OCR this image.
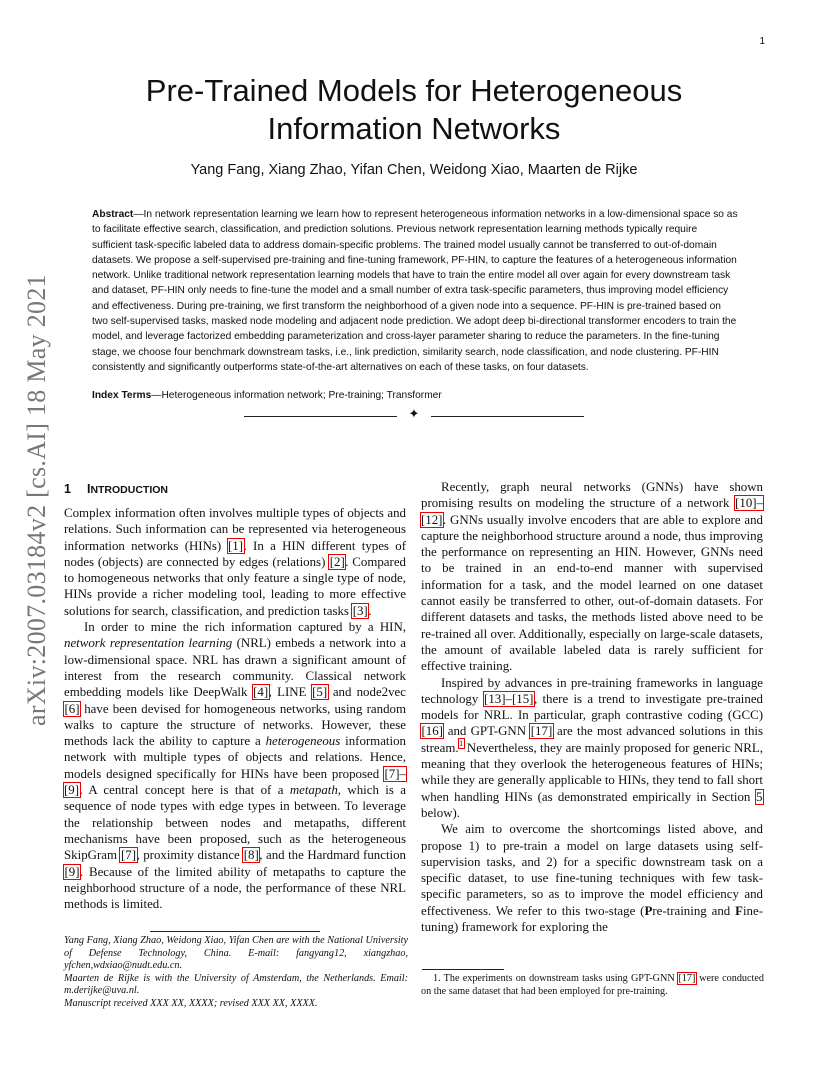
1
arXiv:2007.03184v2 [cs.AI] 18 May 2021
Pre-Trained Models for Heterogeneous Information Networks
Yang Fang, Xiang Zhao, Yifan Chen, Weidong Xiao, Maarten de Rijke

Abstract—In network representation learning we learn how to represent heterogeneous information networks in a low-dimensional space so as to facilitate effective search, classification, and prediction solutions. Previous network representation learning methods typically require sufficient task-specific labeled data to address domain-specific problems. The trained model usually cannot be transferred to out-of-domain datasets. We propose a self-supervised pre-training and fine-tuning framework, PF-HIN, to capture the features of a heterogeneous information network. Unlike traditional network representation learning models that have to train the entire model all over again for every downstream task and dataset, PF-HIN only needs to fine-tune the model and a small number of extra task-specific parameters, thus improving model efficiency and effectiveness. During pre-training, we first transform the neighborhood of a given node into a sequence. PF-HIN is pre-trained based on two self-supervised tasks, masked node modeling and adjacent node prediction. We adopt deep bi-directional transformer encoders to train the model, and leverage factorized embedding parameterization and cross-layer parameter sharing to reduce the parameters. In the fine-tuning stage, we choose four benchmark downstream tasks, i.e., link prediction, similarity search, node classification, and node clustering. PF-HIN consistently and significantly outperforms state-of-the-art alternatives on each of these tasks, on four datasets.

Index Terms—Heterogeneous information network; Pre-training; Transformer
✦
1 INTRODUCTION

Complex information often involves multiple types of objects and relations. Such information can be represented via heterogeneous information networks (HINs) [1]. In a HIN different types of nodes (objects) are connected by edges (relations) [2]. Compared to homogeneous networks that only feature a single type of node, HINs provide a richer modeling tool, leading to more effective solutions for search, classification, and prediction tasks [3].

In order to mine the rich information captured by a HIN, network representation learning (NRL) embeds a network into a low-dimensional space. NRL has drawn a significant amount of interest from the research community. Classical network embedding models like DeepWalk [4], LINE [5] and node2vec [6] have been devised for homogeneous networks, using random walks to capture the structure of networks. However, these methods lack the ability to capture a heterogeneous information network with multiple types of objects and relations. Hence, models designed specifically for HINs have been proposed [7]–[9]. A central concept here is that of a metapath, which is a sequence of node types with edge types in between. To leverage the relationship between nodes and metapaths, different mechanisms have been proposed, such as the heterogeneous SkipGram [7], proximity distance [8], and the Hardmard function [9]. Because of the limited ability of metapaths to capture the neighborhood structure of a node, the performance of these NRL methods is limited.

Recently, graph neural networks (GNNs) have shown promising results on modeling the structure of a network [10]–[12]. GNNs usually involve encoders that are able to explore and capture the neighborhood structure around a node, thus improving the performance on representing an HIN. However, GNNs need to be trained in an end-to-end manner with supervised information for a task, and the model learned on one dataset cannot easily be transferred to other, out-of-domain datasets. For different datasets and tasks, the methods listed above need to be re-trained all over. Additionally, especially on large-scale datasets, the amount of available labeled data is rarely sufficient for effective training.

Inspired by advances in pre-training frameworks in language technology [13]–[15], there is a trend to investigate pre-trained models for NRL. In particular, graph contrastive coding (GCC) [16] and GPT-GNN [17] are the most advanced solutions in this stream.$^1$ Nevertheless, they are mainly proposed for generic NRL, meaning that they overlook the heterogeneous features of HINs; while they are generally applicable to HINs, they tend to fall short when handling HINs (as demonstrated empirically in Section 5 below).

We aim to overcome the shortcomings listed above, and propose 1) to pre-train a model on large datasets using self-supervision tasks, and 2) for a specific downstream task on a specific dataset, to use fine-tuning techniques with few task-specific parameters, so as to improve the model efficiency and effectiveness. We refer to this two-stage (Pre-training and Fine-tuning) framework for exploring the

Yang Fang, Xiang Zhao, Weidong Xiao, Yifan Chen are with the National University of Defense Technology, China. E-mail: fangyang12, xiangzhao, yfchen,wdxiao@nudt.edu.cn.

Maarten de Rijke is with the University of Amsterdam, the Netherlands. Email: m.derijke@uva.nl.

Manuscript received XXX XX, XXXX; revised XXX XX, XXXX.

1. The experiments on downstream tasks using GPT-GNN [17] were conducted on the same dataset that had been employed for pre-training.
